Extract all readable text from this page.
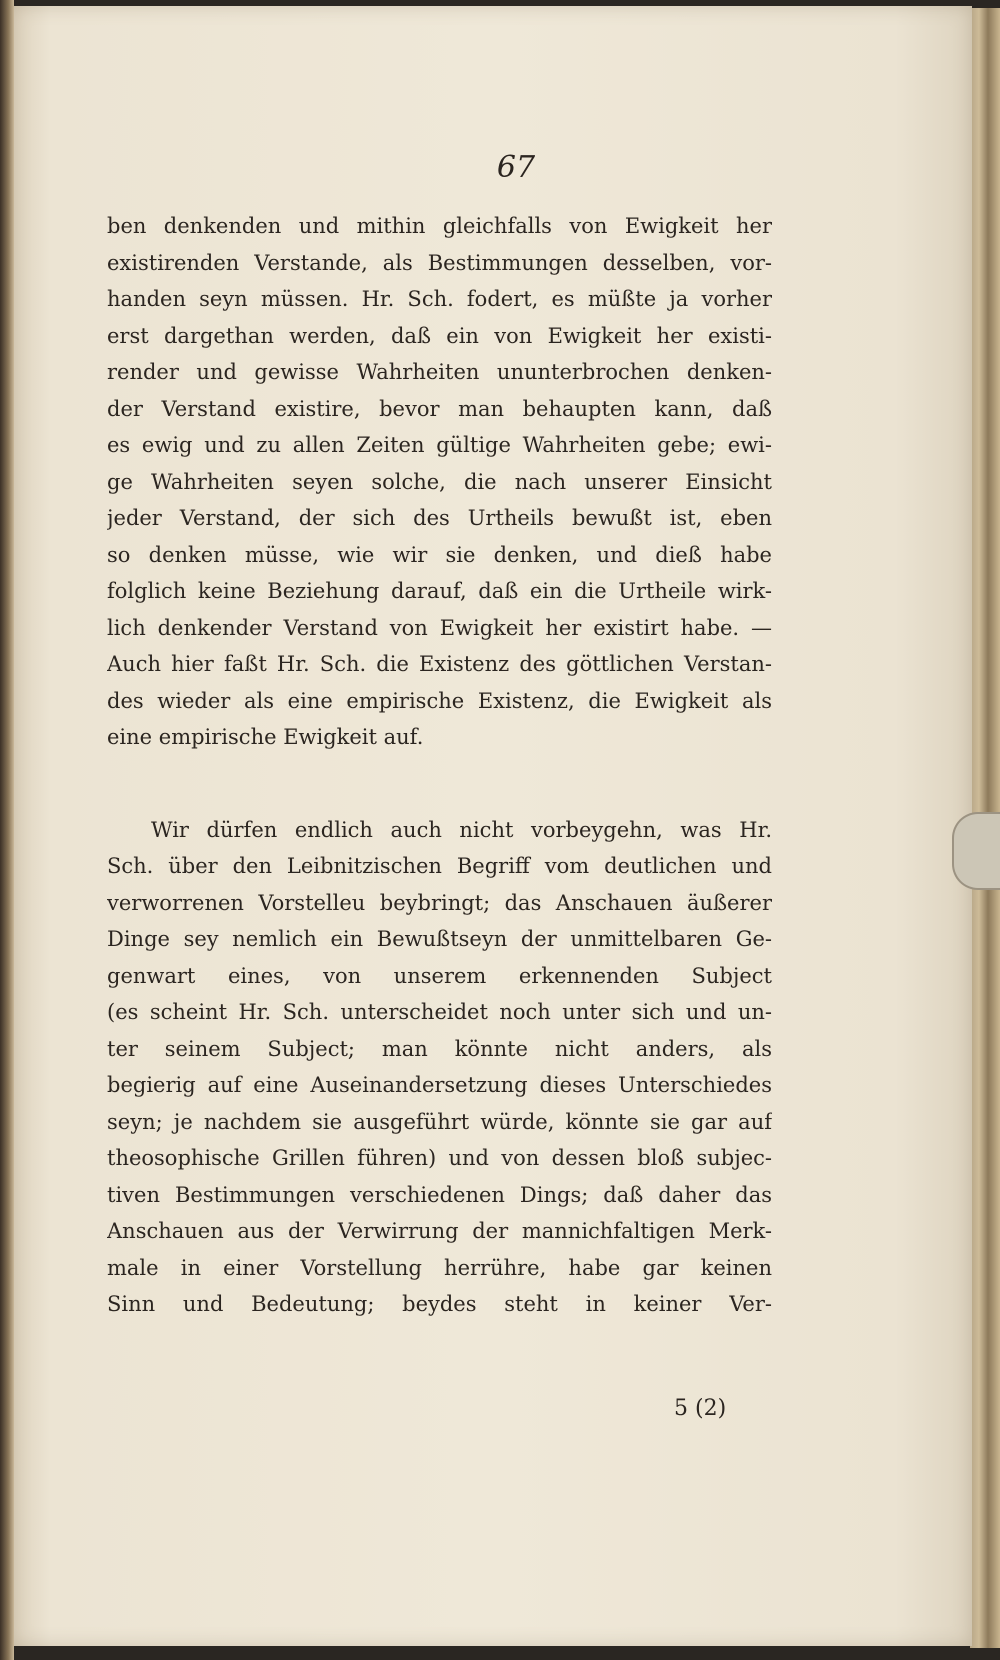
67
ben denkenden und mithin gleichfalls von Ewigkeit her
existirenden Verstande, als Bestimmungen desselben, vor-
handen seyn müssen. Hr. Sch. fodert, es müßte ja vorher
erst dargethan werden, daß ein von Ewigkeit her existi-
render und gewisse Wahrheiten ununterbrochen denken-
der Verstand existire, bevor man behaupten kann, daß
es ewig und zu allen Zeiten gültige Wahrheiten gebe; ewi-
ge Wahrheiten seyen solche, die nach unserer Einsicht
jeder Verstand, der sich des Urtheils bewußt ist, eben
so denken müsse, wie wir sie denken, und dieß habe
folglich keine Beziehung darauf, daß ein die Urtheile wirk-
lich denkender Verstand von Ewigkeit her existirt habe. —
Auch hier faßt Hr. Sch. die Existenz des göttlichen Verstan-
des wieder als eine empirische Existenz, die Ewigkeit als
eine empirische Ewigkeit auf.
Wir dürfen endlich auch nicht vorbeygehn, was Hr.
Sch. über den Leibnitzischen Begriff vom deutlichen und
verworrenen Vorstelleu beybringt; das Anschauen äußerer
Dinge sey nemlich ein Bewußtseyn der unmittelbaren Ge-
genwart eines, von unserem erkennenden Subject
(es scheint Hr. Sch. unterscheidet noch unter sich und un-
ter seinem Subject; man könnte nicht anders, als
begierig auf eine Auseinandersetzung dieses Unterschiedes
seyn; je nachdem sie ausgeführt würde, könnte sie gar auf
theosophische Grillen führen) und von dessen bloß subjec-
tiven Bestimmungen verschiedenen Dings; daß daher das
Anschauen aus der Verwirrung der mannichfaltigen Merk-
male in einer Vorstellung herrühre, habe gar keinen
Sinn und Bedeutung; beydes steht in keiner Ver-
5 (2)
